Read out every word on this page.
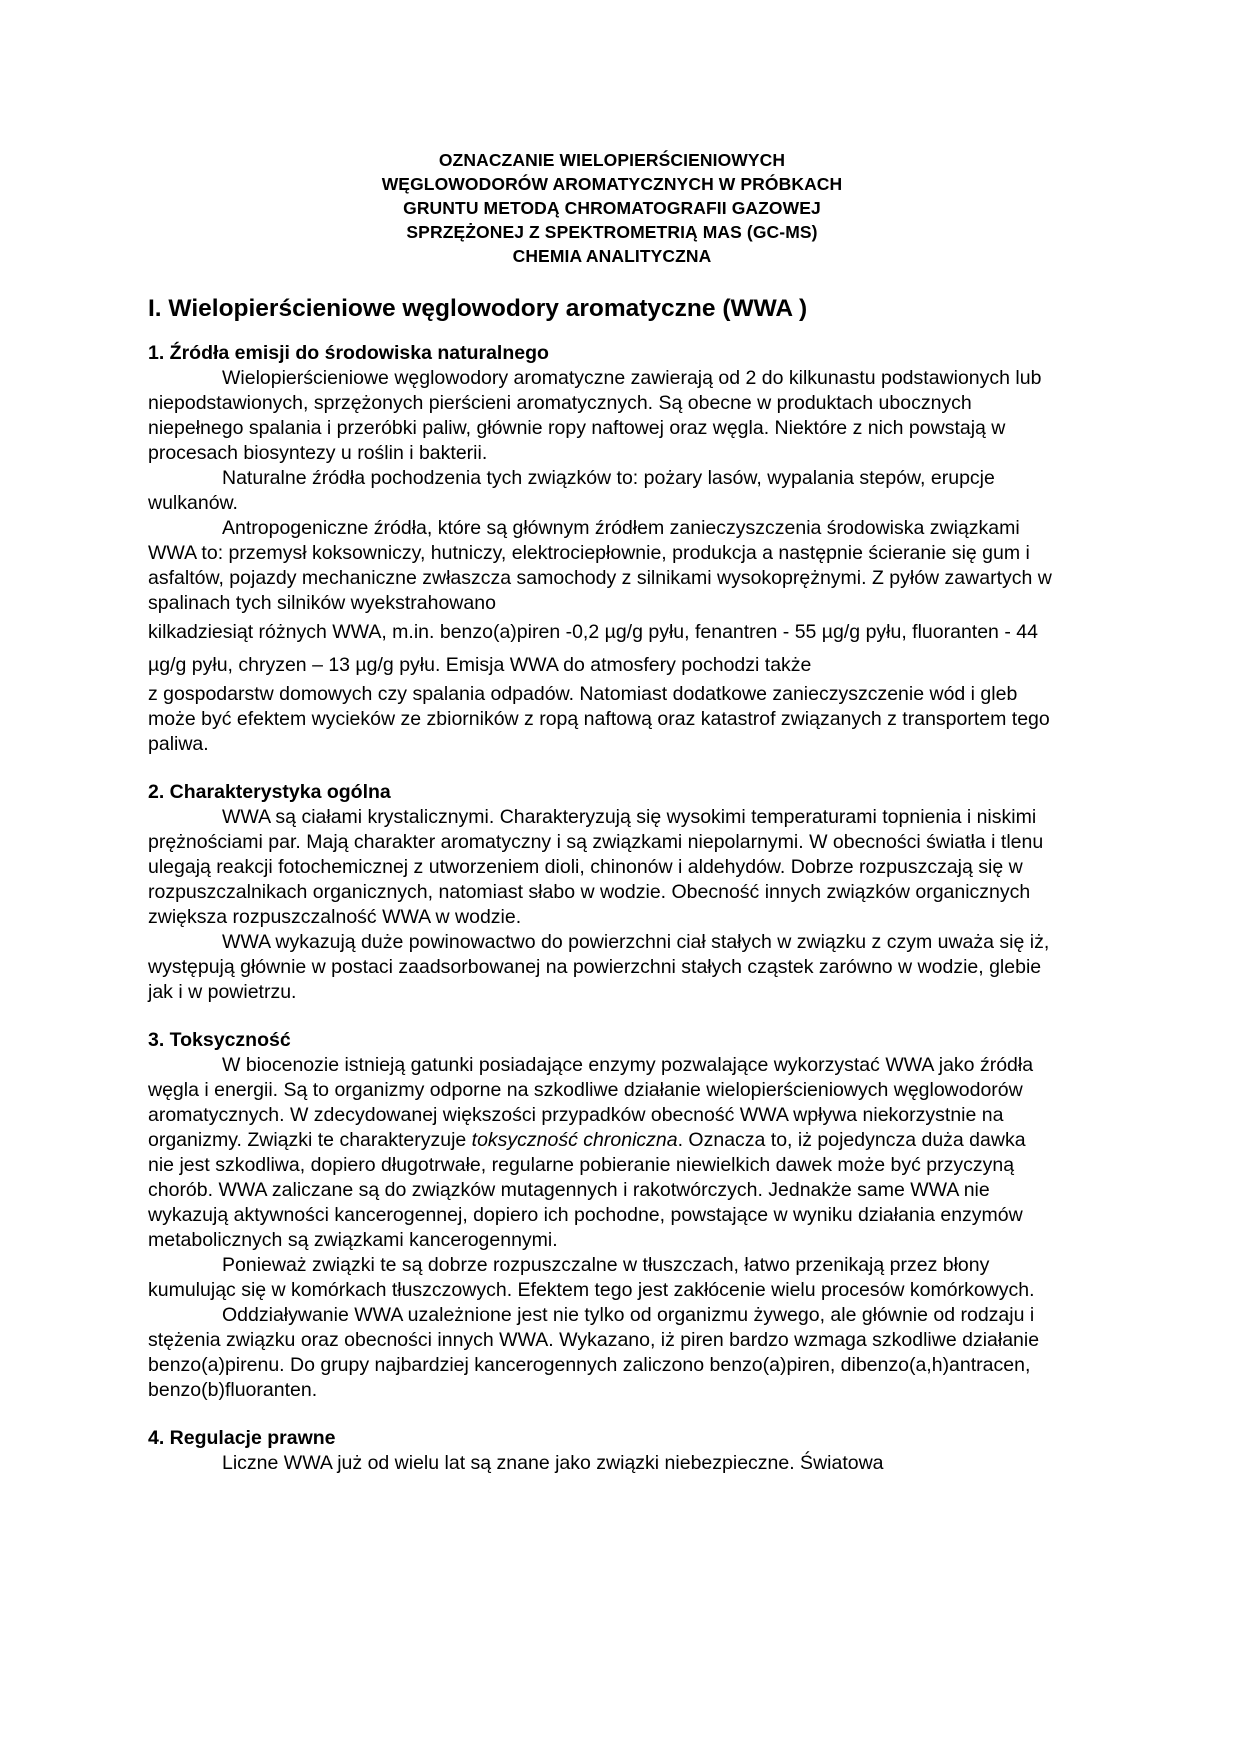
OZNACZANIE WIELOPIERŚCIENIOWYCH
WĘGLOWODORÓW AROMATYCZNYCH W PRÓBKACH
GRUNTU METODĄ CHROMATOGRAFII GAZOWEJ
SPRZĘŻONEJ Z SPEKTROMETRIĄ MAS (GC-MS)
CHEMIA ANALITYCZNA
I. Wielopierścieniowe węglowodory aromatyczne (WWA )
1. Źródła emisji do środowiska naturalnego

Wielopierścieniowe węglowodory aromatyczne zawierają od 2 do kilkunastu podstawionych lub niepodstawionych, sprzężonych pierścieni aromatycznych. Są obecne w produktach ubocznych niepełnego spalania i przeróbki paliw, głównie ropy naftowej oraz węgla. Niektóre z nich powstają w procesach biosyntezy u roślin i bakterii.

Naturalne źródła pochodzenia tych związków to: pożary lasów, wypalania stepów, erupcje wulkanów.

Antropogeniczne źródła, które są głównym źródłem zanieczyszczenia środowiska związkami WWA to: przemysł koksowniczy, hutniczy, elektrociepłownie, produkcja a następnie ścieranie się gum i asfaltów, pojazdy mechaniczne zwłaszcza samochody z silnikami wysokoprężnymi. Z pyłów zawartych w spalinach tych silników wyekstrahowano

kilkadziesiąt różnych WWA, m.in. benzo(a)piren -0,2 µg/g pyłu, fenantren - 55 µg/g pyłu, fluoranten - 44 µg/g pyłu, chryzen – 13 µg/g pyłu. Emisja WWA do atmosfery pochodzi także

z gospodarstw domowych czy spalania odpadów. Natomiast dodatkowe zanieczyszczenie wód i gleb może być efektem wycieków ze zbiorników z ropą naftową oraz katastrof związanych z transportem tego paliwa.

2. Charakterystyka ogólna

WWA są ciałami krystalicznymi. Charakteryzują się wysokimi temperaturami topnienia i niskimi prężnościami par. Mają charakter aromatyczny i są związkami niepolarnymi. W obecności światła i tlenu ulegają reakcji fotochemicznej z utworzeniem dioli, chinonów i aldehydów. Dobrze rozpuszczają się w rozpuszczalnikach organicznych, natomiast słabo w wodzie. Obecność innych związków organicznych zwiększa rozpuszczalność WWA w wodzie.

WWA wykazują duże powinowactwo do powierzchni ciał stałych w związku z czym uważa się iż, występują głównie w postaci zaadsorbowanej na powierzchni stałych cząstek zarówno w wodzie, glebie jak i w powietrzu.

3. Toksyczność

W biocenozie istnieją gatunki posiadające enzymy pozwalające wykorzystać WWA jako źródła węgla i energii. Są to organizmy odporne na szkodliwe działanie wielopierścieniowych węglowodorów aromatycznych. W zdecydowanej większości przypadków obecność WWA wpływa niekorzystnie na organizmy. Związki te charakteryzuje toksyczność chroniczna. Oznacza to, iż pojedyncza duża dawka nie jest szkodliwa, dopiero długotrwałe, regularne pobieranie niewielkich dawek może być przyczyną chorób. WWA zaliczane są do związków mutagennych i rakotwórczych. Jednakże same WWA nie wykazują aktywności kancerogennej, dopiero ich pochodne, powstające w wyniku działania enzymów metabolicznych są związkami kancerogennymi.

Ponieważ związki te są dobrze rozpuszczalne w tłuszczach, łatwo przenikają przez błony kumulując się w komórkach tłuszczowych. Efektem tego jest zakłócenie wielu procesów komórkowych.

Oddziaływanie WWA uzależnione jest nie tylko od organizmu żywego, ale głównie od rodzaju i stężenia związku oraz obecności innych WWA. Wykazano, iż piren bardzo wzmaga szkodliwe działanie benzo(a)pirenu. Do grupy najbardziej kancerogennych zaliczono benzo(a)piren, dibenzo(a,h)antracen, benzo(b)fluoranten.

4. Regulacje prawne

Liczne WWA już od wielu lat są znane jako związki niebezpieczne. Światowa
